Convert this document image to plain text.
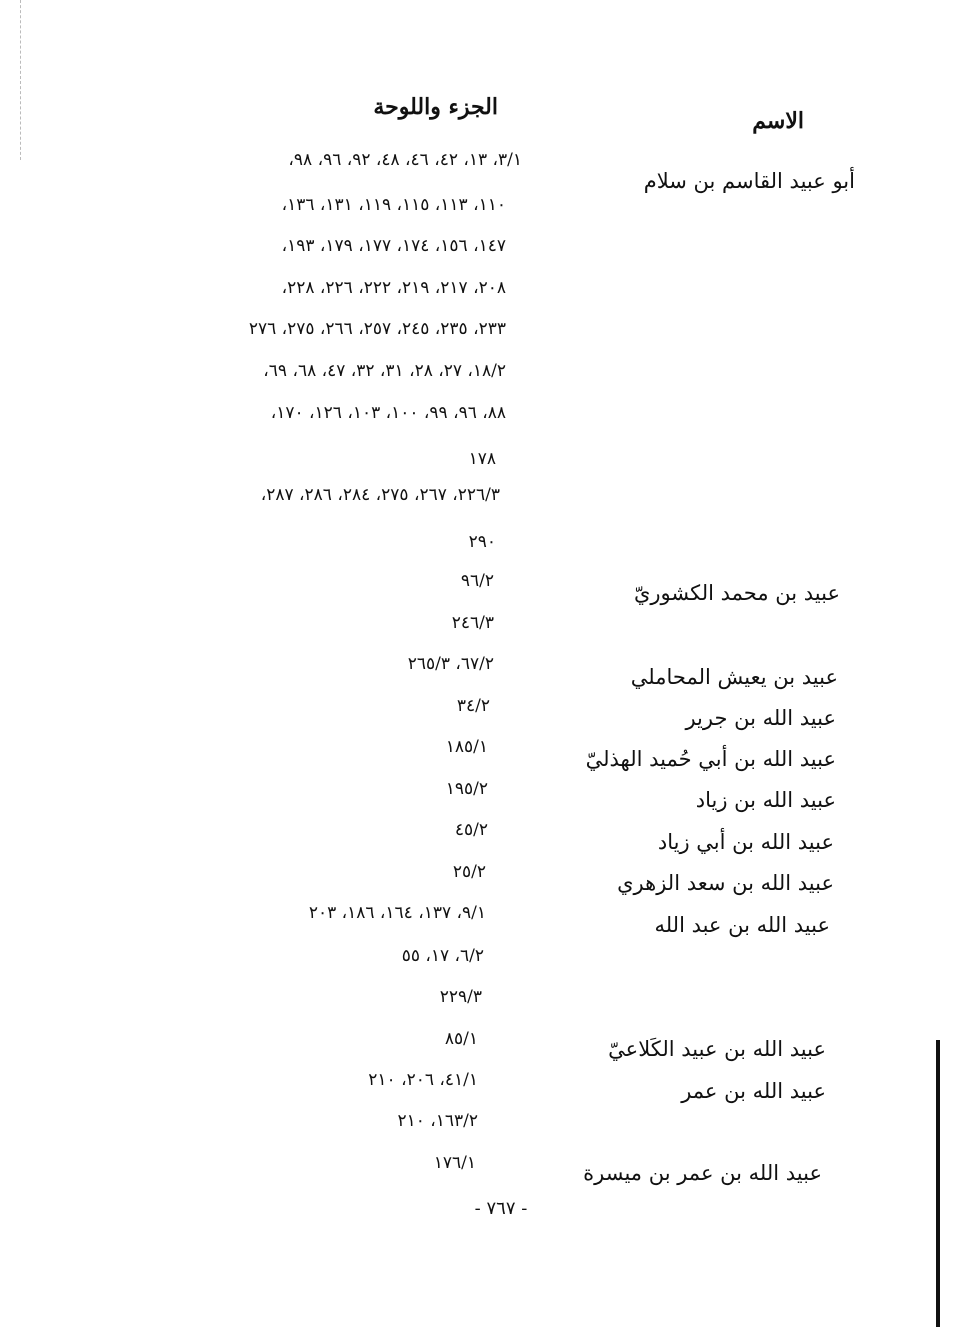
الاسم
الجزء واللوحة
أبو عبيد القاسم بن سلام
٣/١، ١٣، ٤٢، ٤٦، ٤٨، ٩٢، ٩٦، ٩٨،
١١٠، ١١٣، ١١٥، ١١٩، ١٣١، ١٣٦،
١٤٧، ١٥٦، ١٧٤، ١٧٧، ١٧٩، ١٩٣،
٢٠٨، ٢١٧، ٢١٩، ٢٢٢، ٢٢٦، ٢٢٨،
٢٣٣، ٢٣٥، ٢٤٥، ٢٥٧، ٢٦٦، ٢٧٥، ٢٧٦
١٨/٢، ٢٧، ٢٨، ٣١، ٣٢، ٤٧، ٦٨، ٦٩،
٨٨، ٩٦، ٩٩، ١٠٠، ١٠٣، ١٢٦، ١٧٠،
١٧٨
٢٢٦/٣، ٢٦٧، ٢٧٥، ٢٨٤، ٢٨٦، ٢٨٧،
٢٩٠
عبيد بن محمد الكشوريّ
٩٦/٢
٢٤٦/٣
عبيد بن يعيش المحاملي
٦٧/٢، ٢٦٥/٣
عبيد الله بن جرير
٣٤/٢
عبيد الله بن أبي حُميد الهذليّ
١٨٥/١
عبيد الله بن زياد
١٩٥/٢
عبيد الله بن أبي زياد
٤٥/٢
عبيد الله بن سعد الزهري
٢٥/٢
عبيد الله بن عبد الله
٩/١، ١٣٧، ١٦٤، ١٨٦، ٢٠٣
٦/٢، ١٧، ٥٥
٢٢٩/٣
عبيد الله بن عبيد الكَلاعيّ
٨٥/١
عبيد الله بن عمر
٤١/١، ٢٠٦، ٢١٠
١٦٣/٢، ٢١٠
عبيد الله بن عمر بن ميسرة
١٧٦/١
- ٧٦٧ -
